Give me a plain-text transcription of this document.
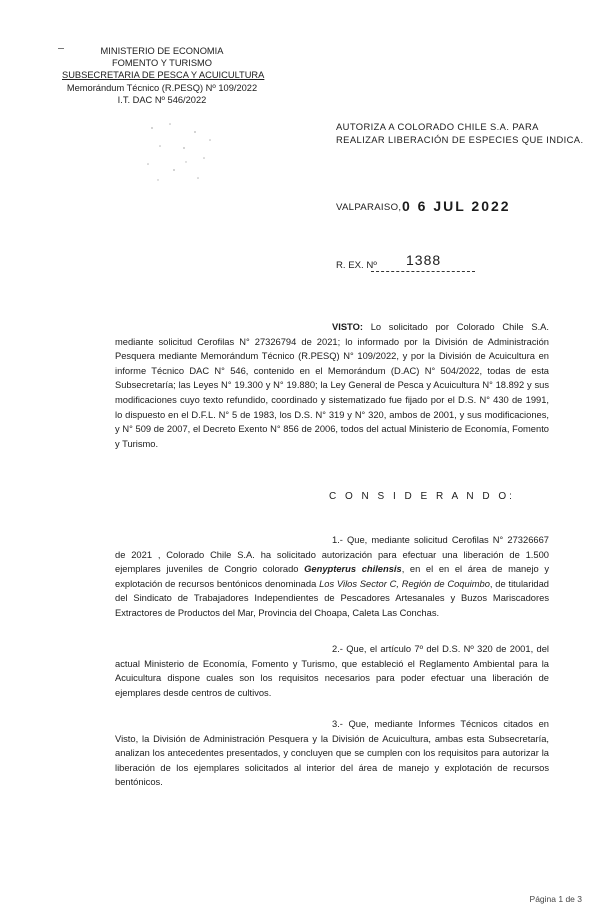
MINISTERIO DE ECONOMIA
FOMENTO Y TURISMO
SUBSECRETARIA DE PESCA Y ACUICULTURA
Memorándum Técnico (R.PESQ) Nº 109/2022
I.T. DAC Nº 546/2022
AUTORIZA A COLORADO CHILE S.A. PARA
REALIZAR LIBERACIÓN DE ESPECIES QUE INDICA.
VALPARAISO, 0 6 JUL 2022
R. EX. Nº 1388
VISTO: Lo solicitado por Colorado Chile S.A. mediante solicitud Cerofilas N° 27326794 de 2021; lo informado por la División de Administración Pesquera mediante Memorándum Técnico (R.PESQ) N° 109/2022, y por la División de Acuicultura en informe Técnico DAC N° 546, contenido en el Memorándum (D.AC) N° 504/2022, todas de esta Subsecretaría; las Leyes N° 19.300 y N° 19.880; la Ley General de Pesca y Acuicultura N° 18.892 y sus modificaciones cuyo texto refundido, coordinado y sistematizado fue fijado por el D.S. N° 430 de 1991, lo dispuesto en el D.F.L. N° 5 de 1983, los D.S. N° 319 y N° 320, ambos de 2001, y sus modificaciones, y N° 509 de 2007, el Decreto Exento N° 856 de 2006, todos del actual Ministerio de Economía, Fomento y Turismo.
C O N S I D E R A N D O:
1.- Que, mediante solicitud Cerofilas N° 27326667 de 2021 , Colorado Chile S.A. ha solicitado autorización para efectuar una liberación de 1.500 ejemplares juveniles de Congrio colorado Genypterus chilensis, en el en el área de manejo y explotación de recursos bentónicos denominada Los Vilos Sector C, Región de Coquimbo, de titularidad del Sindicato de Trabajadores Independientes de Pescadores Artesanales y Buzos Mariscadores Extractores de Productos del Mar, Provincia del Choapa, Caleta Las Conchas.
2.- Que, el artículo 7º del D.S. Nº 320 de 2001, del actual Ministerio de Economía, Fomento y Turismo, que estableció el Reglamento Ambiental para la Acuicultura dispone cuales son los requisitos necesarios para poder efectuar una liberación de ejemplares desde centros de cultivos.
3.- Que, mediante Informes Técnicos citados en Visto, la División de Administración Pesquera y la División de Acuicultura, ambas esta Subsecretaría, analizan los antecedentes presentados, y concluyen que se cumplen con los requisitos para autorizar la liberación de los ejemplares solicitados al interior del área de manejo y explotación de recursos bentónicos.
Página 1 de 3
